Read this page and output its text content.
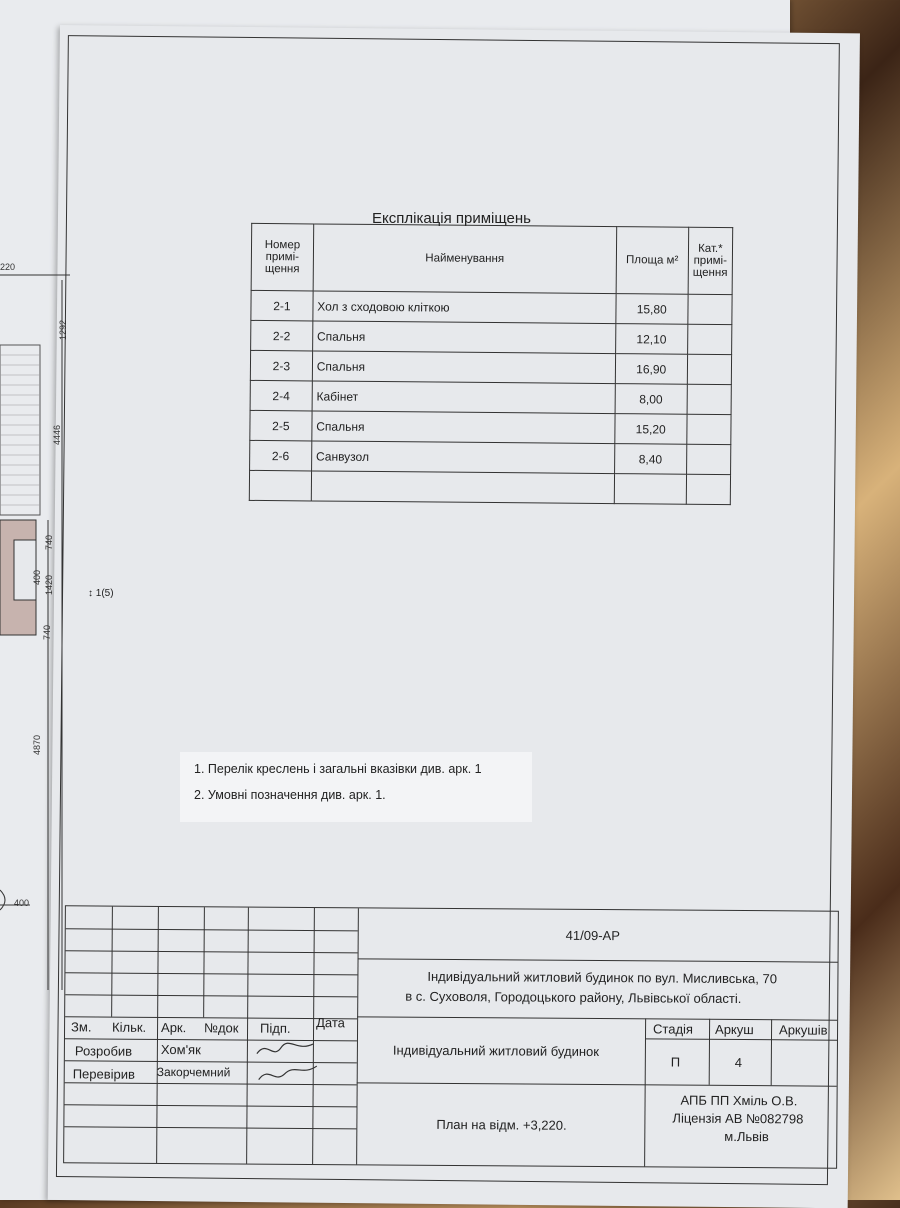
220
1292
4446
740
1420
400
740
4870
400
↕ 1(5)
Експлікація приміщень
Номер примі- щення	Найменування	Площа м²	Кат.* примі- щення
2-1	Хол з сходовою кліткою	15,80	
2-2	Спальня	12,10	
2-3	Спальня	16,90	
2-4	Кабінет	8,00	
2-5	Спальня	15,20	
2-6	Санвузол	8,40	

1. Перелік креслень і загальні вказівки див. арк. 1
2. Умовні позначення див. арк. 1.
Зм. Кільк. Арк. №док Підп. Дата
Розробив Хом'як
Перевірив Закорчемний
41/09-АР
Індивідуальний житловий будинок по вул. Мисливська, 70
в с. Суховоля, Городоцького району, Львівської області.
Стадія Аркуш Аркушів
П	4
Індивідуальний житловий будинок
План на відм. +3,220.
АПБ ПП Хміль О.В.
Ліцензія АВ №082798
м.Львів
